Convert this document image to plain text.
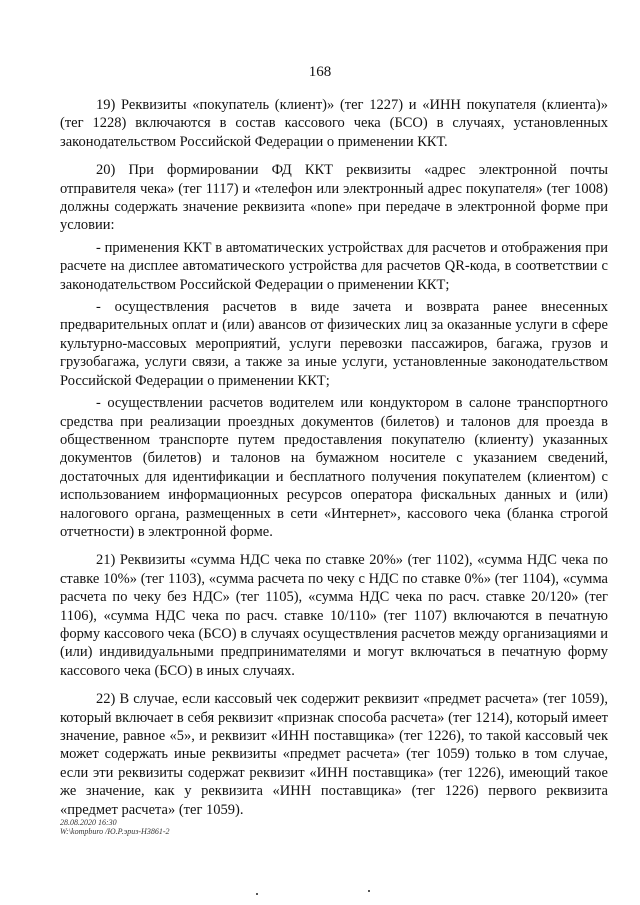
168

19) Реквизиты «покупатель (клиент)» (тег 1227) и «ИНН покупателя (клиента)» (тег 1228) включаются в состав кассового чека (БСО) в случаях, установленных законодательством Российской Федерации о применении ККТ.

20) При формировании ФД ККТ реквизиты «адрес электронной почты отправителя чека» (тег 1117) и «телефон или электронный адрес покупателя» (тег 1008) должны содержать значение реквизита «none» при передаче в электронной форме при условии:

- применения ККТ в автоматических устройствах для расчетов и отображения при расчете на дисплее автоматического устройства для расчетов QR-кода, в соответствии с законодательством Российской Федерации о применении ККТ;

- осуществления расчетов в виде зачета и возврата ранее внесенных предварительных оплат и (или) авансов от физических лиц за оказанные услуги в сфере культурно-массовых мероприятий, услуги перевозки пассажиров, багажа, грузов и грузобагажа, услуги связи, а также за иные услуги, установленные законодательством Российской Федерации о применении ККТ;

- осуществлении расчетов водителем или кондуктором в салоне транспортного средства при реализации проездных документов (билетов) и талонов для проезда в общественном транспорте путем предоставления покупателю (клиенту) указанных документов (билетов) и талонов на бумажном носителе с указанием сведений, достаточных для идентификации и бесплатного получения покупателем (клиентом) с использованием информационных ресурсов оператора фискальных данных и (или) налогового органа, размещенных в сети «Интернет», кассового чека (бланка строгой отчетности) в электронной форме.

21) Реквизиты «сумма НДС чека по ставке 20%» (тег 1102), «сумма НДС чека по ставке 10%» (тег 1103), «сумма расчета по чеку с НДС по ставке 0%» (тег 1104), «сумма расчета по чеку без НДС» (тег 1105), «сумма НДС чека по расч. ставке 20/120» (тег 1106), «сумма НДС чека по расч. ставке 10/110» (тег 1107) включаются в печатную форму кассового чека (БСО) в случаях осуществления расчетов между организациями и (или) индивидуальными предпринимателями и могут включаться в печатную форму кассового чека (БСО) в иных случаях.

22) В случае, если кассовый чек содержит реквизит «предмет расчета» (тег 1059), который включает в себя реквизит «признак способа расчета» (тег 1214), который имеет значение, равное «5», и реквизит «ИНН поставщика» (тег 1226), то такой кассовый чек может содержать иные реквизиты «предмет расчета» (тег 1059) только в том случае, если эти реквизиты содержат реквизит «ИНН поставщика» (тег 1226), имеющий такое же значение, как у реквизита «ИНН поставщика» (тег 1226) первого реквизита «предмет расчета» (тег 1059).

28.08.2020 16:30
W:\kompburo /Ю.Р.эриз-Н3861-2
